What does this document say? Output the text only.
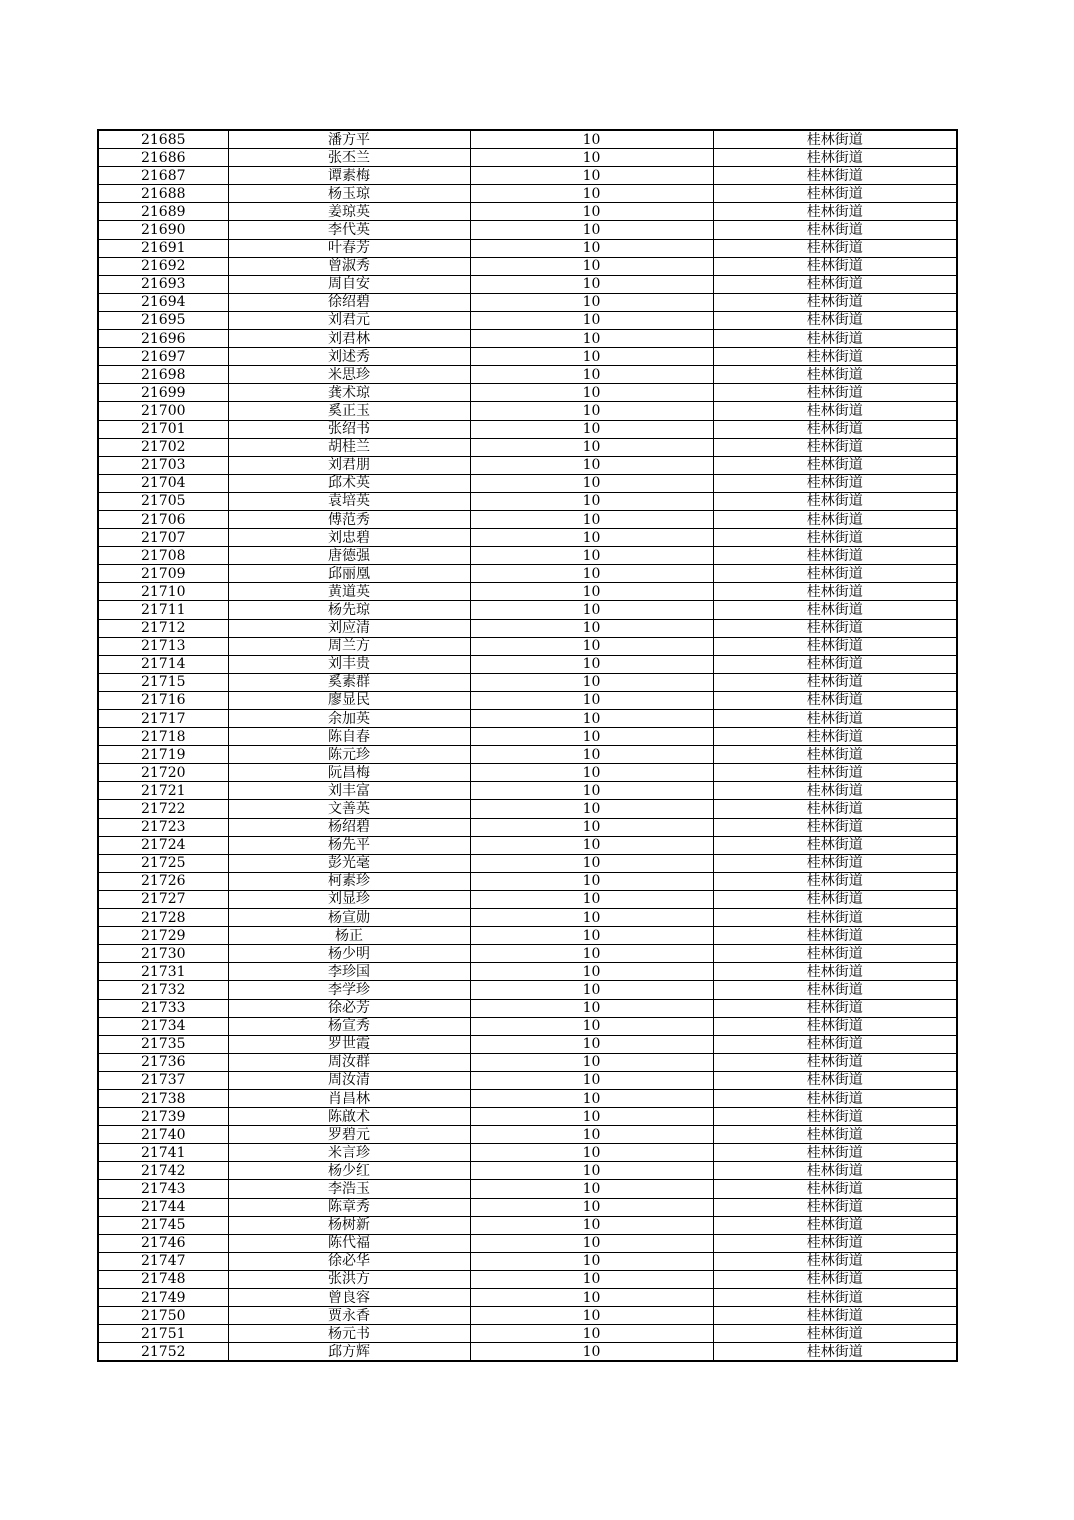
21685	潘方平	10	桂林街道
21686	张丕兰	10	桂林街道
21687	谭素梅	10	桂林街道
21688	杨玉琼	10	桂林街道
21689	姜琼英	10	桂林街道
21690	李代英	10	桂林街道
21691	叶春芳	10	桂林街道
21692	曾淑秀	10	桂林街道
21693	周自安	10	桂林街道
21694	徐绍碧	10	桂林街道
21695	刘君元	10	桂林街道
21696	刘君林	10	桂林街道
21697	刘述秀	10	桂林街道
21698	米思珍	10	桂林街道
21699	龚术琼	10	桂林街道
21700	奚正玉	10	桂林街道
21701	张绍书	10	桂林街道
21702	胡桂兰	10	桂林街道
21703	刘君朋	10	桂林街道
21704	邱术英	10	桂林街道
21705	袁培英	10	桂林街道
21706	傅范秀	10	桂林街道
21707	刘忠碧	10	桂林街道
21708	唐德强	10	桂林街道
21709	邱丽凰	10	桂林街道
21710	黄道英	10	桂林街道
21711	杨先琼	10	桂林街道
21712	刘应清	10	桂林街道
21713	周兰方	10	桂林街道
21714	刘丰贵	10	桂林街道
21715	奚素群	10	桂林街道
21716	廖显民	10	桂林街道
21717	余加英	10	桂林街道
21718	陈自春	10	桂林街道
21719	陈元珍	10	桂林街道
21720	阮昌梅	10	桂林街道
21721	刘丰富	10	桂林街道
21722	文善英	10	桂林街道
21723	杨绍碧	10	桂林街道
21724	杨先平	10	桂林街道
21725	彭光毫	10	桂林街道
21726	柯素珍	10	桂林街道
21727	刘显珍	10	桂林街道
21728	杨宣勋	10	桂林街道
21729	杨正	10	桂林街道
21730	杨少明	10	桂林街道
21731	李珍国	10	桂林街道
21732	李学珍	10	桂林街道
21733	徐必芳	10	桂林街道
21734	杨宣秀	10	桂林街道
21735	罗世霞	10	桂林街道
21736	周汝群	10	桂林街道
21737	周汝清	10	桂林街道
21738	肖昌林	10	桂林街道
21739	陈啟术	10	桂林街道
21740	罗碧元	10	桂林街道
21741	米言珍	10	桂林街道
21742	杨少红	10	桂林街道
21743	李浩玉	10	桂林街道
21744	陈章秀	10	桂林街道
21745	杨树新	10	桂林街道
21746	陈代福	10	桂林街道
21747	徐必华	10	桂林街道
21748	张洪方	10	桂林街道
21749	曾良容	10	桂林街道
21750	贾永香	10	桂林街道
21751	杨元书	10	桂林街道
21752	邱方辉	10	桂林街道
